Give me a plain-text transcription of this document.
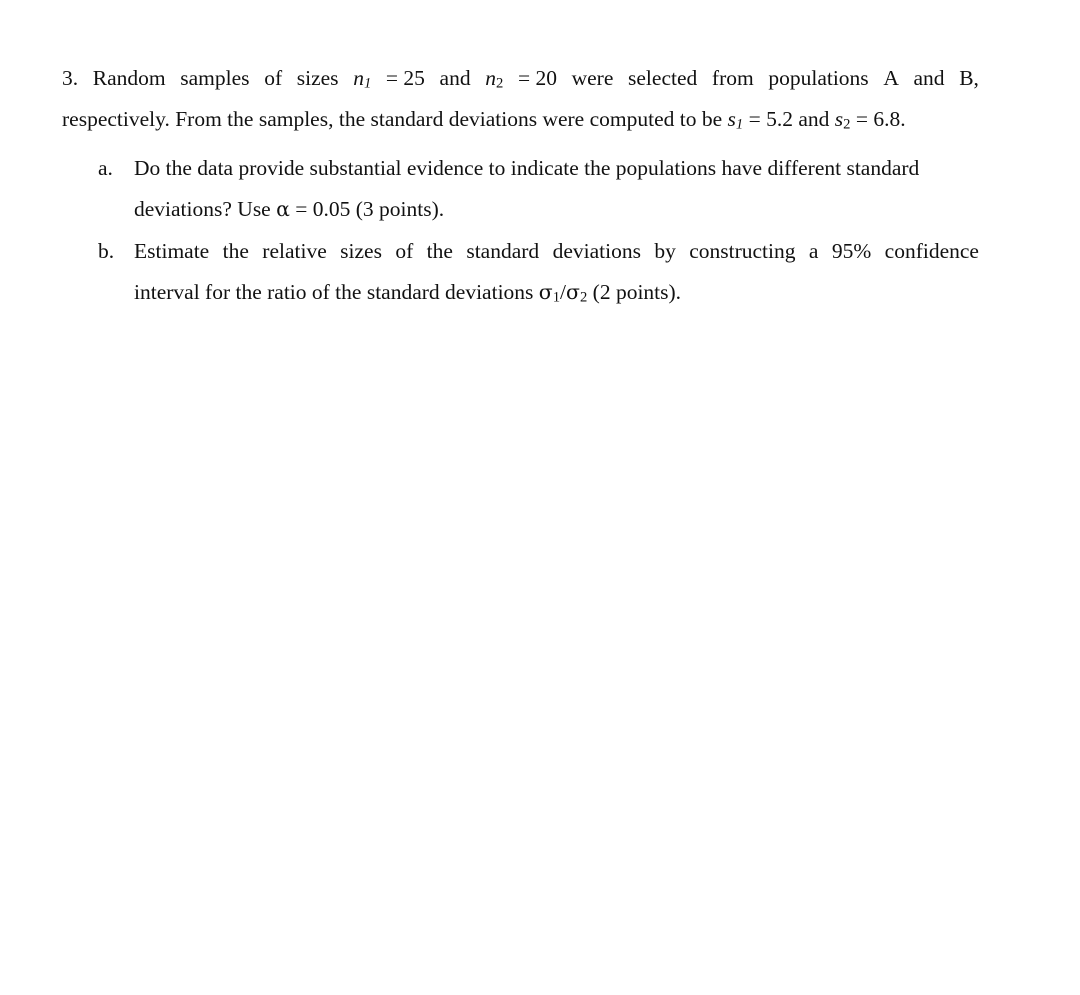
3. Random samples of sizes n1 = 25 and n2 = 20 were selected from populations A and B,
respectively. From the samples, the standard deviations were computed to be s1 = 5.2 and s2 = 6.8.
a. Do the data provide substantial evidence to indicate the populations have different standard
deviations? Use α = 0.05 (3 points).
b. Estimate the relative sizes of the standard deviations by constructing a 95% confidence
interval for the ratio of the standard deviations σ1/σ2 (2 points).
